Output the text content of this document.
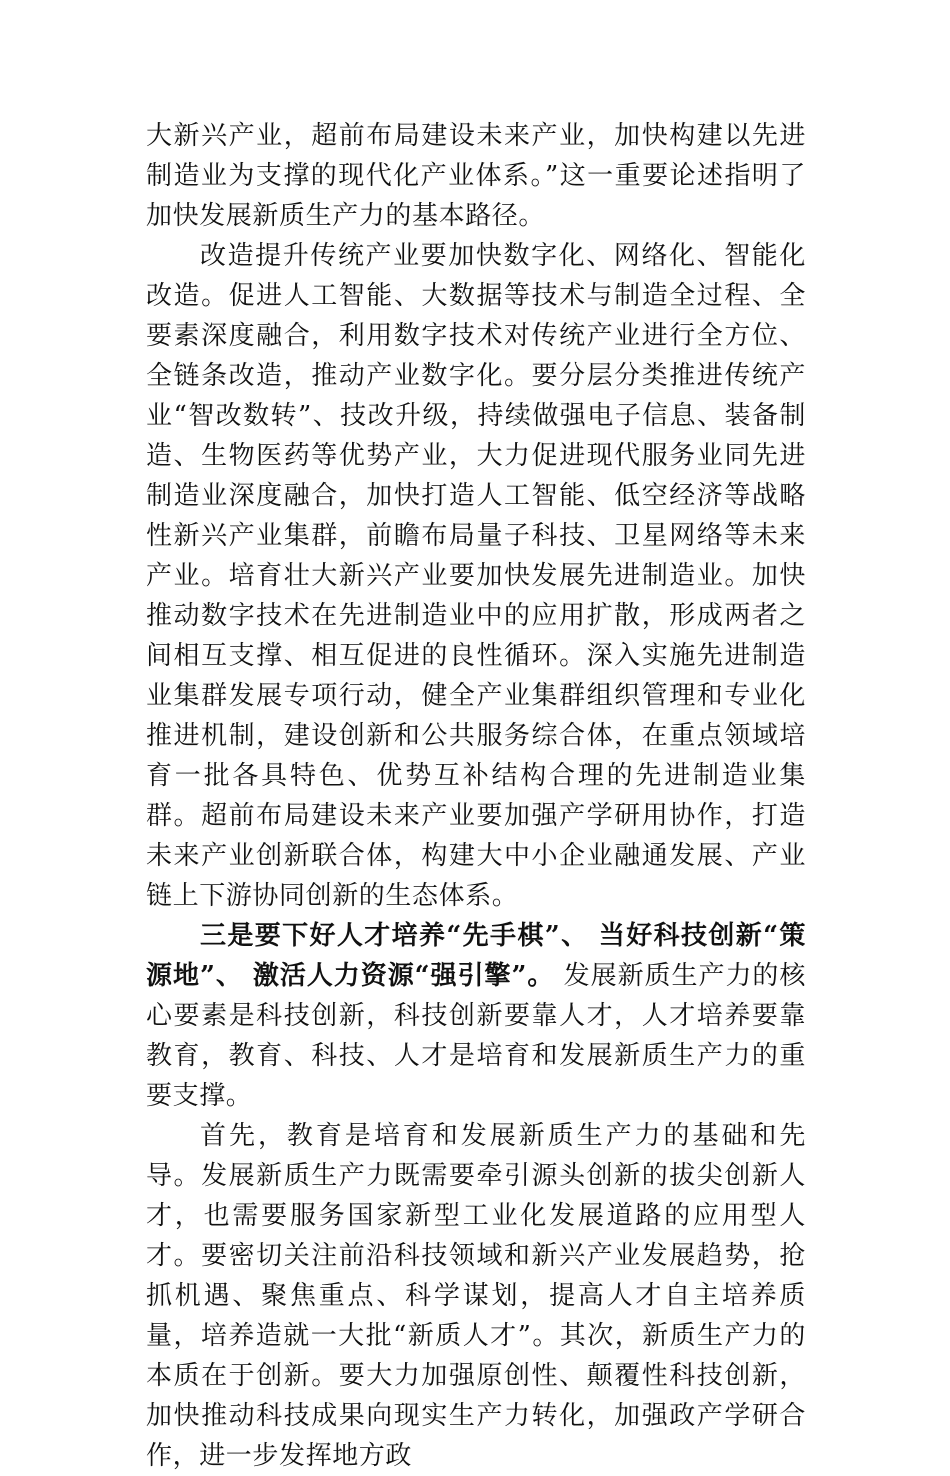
大新兴产业，超前布局建设未来产业，加快构建以先进制造业为支撑的现代化产业体系。”这一重要论述指明了加快发展新质生产力的基本路径。

改造提升传统产业要加快数字化、网络化、智能化改造。促进人工智能、大数据等技术与制造全过程、全要素深度融合，利用数字技术对传统产业进行全方位、全链条改造，推动产业数字化。要分层分类推进传统产业“智改数转”、技改升级，持续做强电子信息、装备制造、生物医药等优势产业，大力促进现代服务业同先进制造业深度融合，加快打造人工智能、低空经济等战略性新兴产业集群，前瞻布局量子科技、卫星网络等未来产业。培育壮大新兴产业要加快发展先进制造业。加快推动数字技术在先进制造业中的应用扩散，形成两者之间相互支撑、相互促进的良性循环。深入实施先进制造业集群发展专项行动，健全产业集群组织管理和专业化推进机制，建设创新和公共服务综合体，在重点领域培育一批各具特色、优势互补结构合理的先进制造业集群。超前布局建设未来产业要加强产学研用协作，打造未来产业创新联合体，构建大中小企业融通发展、产业链上下游协同创新的生态体系。

三是要下好人才培养“先手棋”、 当好科技创新“策源地”、 激活人力资源“强引擎”。 发展新质生产力的核心要素是科技创新，科技创新要靠人才，人才培养要靠教育，教育、科技、人才是培育和发展新质生产力的重要支撑。

首先，教育是培育和发展新质生产力的基础和先导。发展新质生产力既需要牵引源头创新的拔尖创新人才，也需要服务国家新型工业化发展道路的应用型人才。要密切关注前沿科技领域和新兴产业发展趋势，抢抓机遇、聚焦重点、科学谋划，提高人才自主培养质量，培养造就一大批“新质人才”。其次，新质生产力的本质在于创新。要大力加强原创性、颠覆性科技创新，加快推动科技成果向现实生产力转化，加强政产学研合作，进一步发挥地方政
